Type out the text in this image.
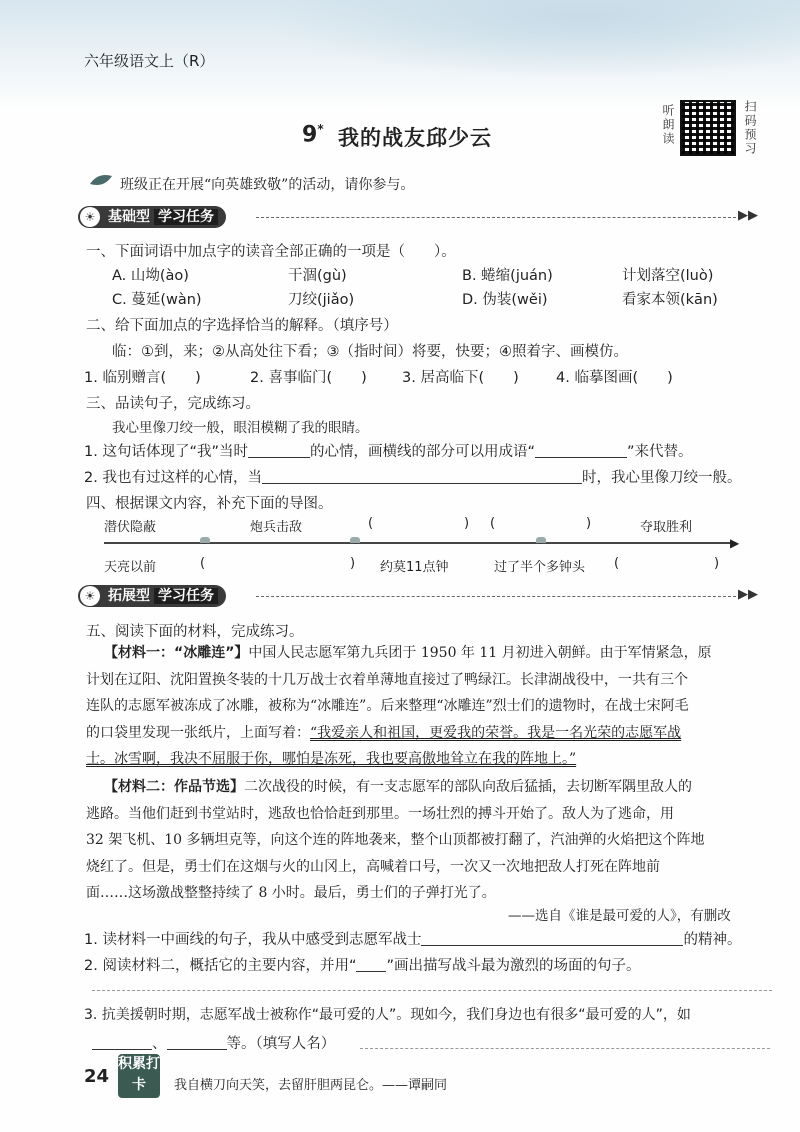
六年级语文上（R）
9* 我的战友邱少云	听朗读	扫码预习
班级正在开展“向英雄致敬”的活动，请你参与。
☀ 基础型 学习任务	▶▶
一、下面词语中加点字的读音全部正确的一项是（　　）。
A. 山坳(ào)	干涸(gù)	B. 蜷缩(juán)	计划落空(luò)
C. 蔓延(wàn)	刀绞(jiǎo)	D. 伪装(wěi)	看家本领(kān)
二、给下面加点的字选择恰当的解释。（填序号）
临：①到，来；②从高处往下看；③（指时间）将要，快要；④照着字、画模仿。
1. 临别赠言(　　)	2. 喜事临门(　　) 3. 居高临下(　　)	4. 临摹图画(　　)
三、品读句子，完成练习。
我心里像刀绞一般，眼泪模糊了我的眼睛。
1. 这句话体现了“我”当时	的心情，画横线的部分可以用成语“	”来代替。
2. 我也有过这样的心情，当	时，我心里像刀绞一般。
四、根据课文内容，补充下面的导图。
潜伏隐蔽	炮兵击敌	(	) (	)	夺取胜利
▶
天亮以前	(	) 约莫11点钟	过了半个多钟头 (	)
☀ 拓展型 学习任务	▶▶
五、阅读下面的材料，完成练习。
【材料一：“冰雕连”】中国人民志愿军第九兵团于 1950 年 11 月初进入朝鲜。由于军情紧急，原
计划在辽阳、沈阳置换冬装的十几万战士衣着单薄地直接过了鸭绿江。长津湖战役中，一共有三个
连队的志愿军被冻成了冰雕，被称为“冰雕连”。后来整理“冰雕连”烈士们的遗物时，在战士宋阿毛
的口袋里发现一张纸片，上面写着：“我爱亲人和祖国，更爱我的荣誉。我是一名光荣的志愿军战
士。冰雪啊，我决不屈服于你，哪怕是冻死，我也要高傲地耸立在我的阵地上。”
【材料二：作品节选】二次战役的时候，有一支志愿军的部队向敌后猛插，去切断军隅里敌人的
逃路。当他们赶到书堂站时，逃敌也恰恰赶到那里。一场壮烈的搏斗开始了。敌人为了逃命，用
32 架飞机、10 多辆坦克等，向这个连的阵地袭来，整个山顶都被打翻了，汽油弹的火焰把这个阵地
烧红了。但是，勇士们在这烟与火的山冈上，高喊着口号，一次又一次地把敌人打死在阵地前
面……这场激战整整持续了 8 小时。最后，勇士们的子弹打光了。
——选自《谁是最可爱的人》，有删改
1. 读材料一中画线的句子，我从中感受到志愿军战士	的精神。
2. 阅读材料二，概括它的主要内容，并用“ ”画出描写战斗最为激烈的场面的句子。
3. 抗美援朝时期，志愿军战士被称作“最可爱的人”。现如今，我们身边也有很多“最可爱的人”，如
、	等。（填写人名）
24
积累打卡	我自横刀向天笑，去留肝胆两昆仑。——谭嗣同
